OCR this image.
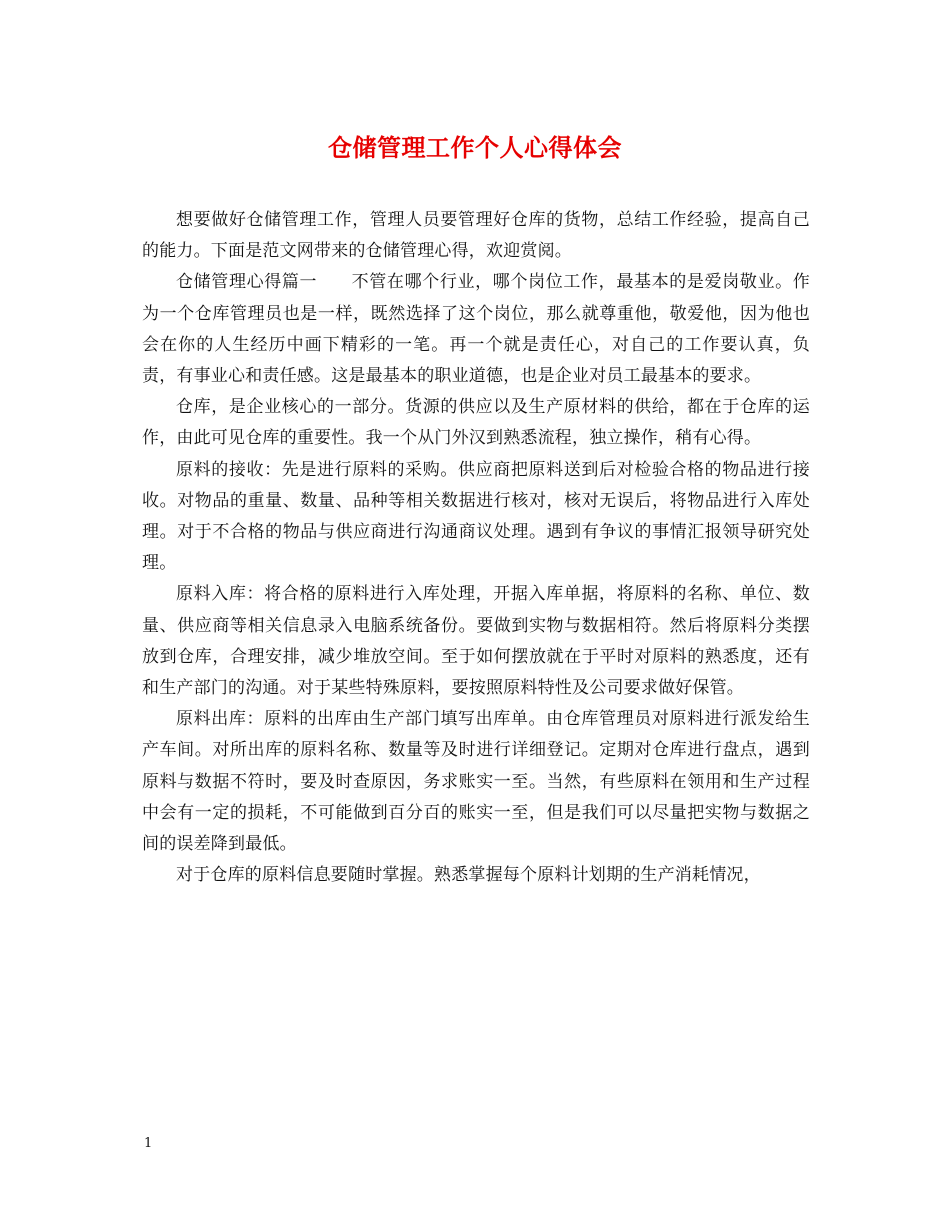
仓储管理工作个人心得体会

想要做好仓储管理工作，管理人员要管理好仓库的货物，总结工作经验，提高自己的能力。下面是范文网带来的仓储管理心得，欢迎赏阅。

仓储管理心得篇一 不管在哪个行业，哪个岗位工作，最基本的是爱岗敬业。作为一个仓库管理员也是一样，既然选择了这个岗位，那么就尊重他，敬爱他，因为他也会在你的人生经历中画下精彩的一笔。再一个就是责任心，对自己的工作要认真，负责，有事业心和责任感。这是最基本的职业道德，也是企业对员工最基本的要求。

仓库，是企业核心的一部分。货源的供应以及生产原材料的供给，都在于仓库的运作，由此可见仓库的重要性。我一个从门外汉到熟悉流程，独立操作，稍有心得。

原料的接收：先是进行原料的采购。供应商把原料送到后对检验合格的物品进行接收。对物品的重量、数量、品种等相关数据进行核对，核对无误后，将物品进行入库处理。对于不合格的物品与供应商进行沟通商议处理。遇到有争议的事情汇报领导研究处理。

原料入库：将合格的原料进行入库处理，开据入库单据，将原料的名称、单位、数量、供应商等相关信息录入电脑系统备份。要做到实物与数据相符。然后将原料分类摆放到仓库，合理安排，减少堆放空间。至于如何摆放就在于平时对原料的熟悉度，还有和生产部门的沟通。对于某些特殊原料，要按照原料特性及公司要求做好保管。

原料出库：原料的出库由生产部门填写出库单。由仓库管理员对原料进行派发给生产车间。对所出库的原料名称、数量等及时进行详细登记。定期对仓库进行盘点，遇到原料与数据不符时，要及时查原因，务求账实一至。当然，有些原料在领用和生产过程中会有一定的损耗，不可能做到百分百的账实一至，但是我们可以尽量把实物与数据之间的误差降到最低。

对于仓库的原料信息要随时掌握。熟悉掌握每个原料计划期的生产消耗情况，

1
